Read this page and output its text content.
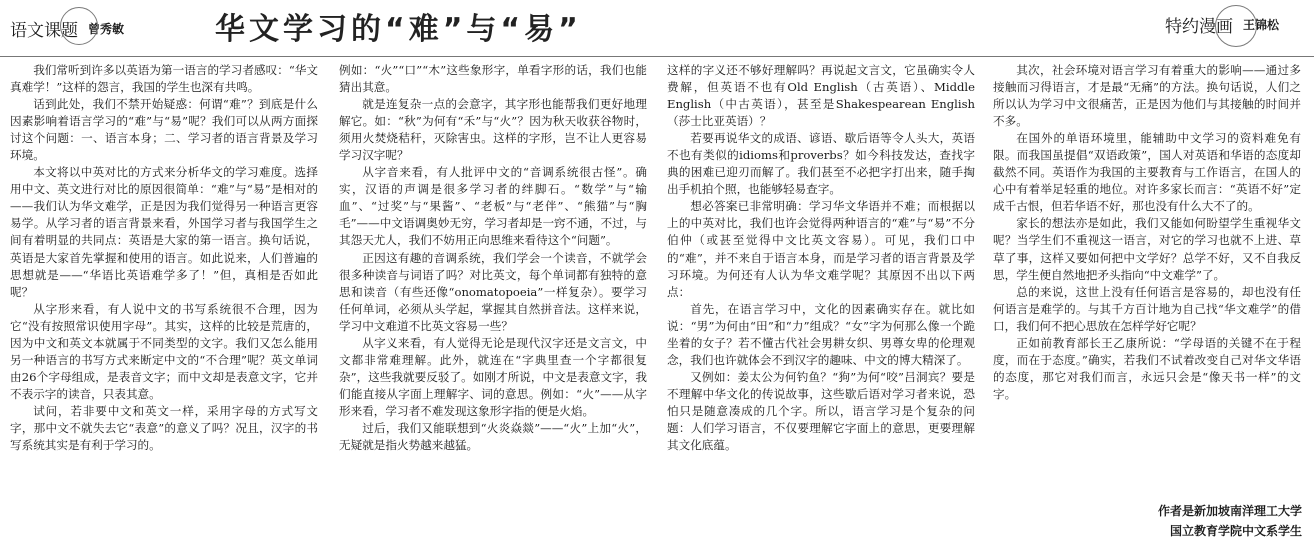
语文课题 曾秀敏	华文学习的“难”与“易”	特约漫画 王锦松

我们常听到许多以英语为第一语言的学习者感叹：“华文真难学！”这样的怨言，我国的学生也深有共鸣。

话到此处，我们不禁开始疑惑：何谓“难”？到底是什么因素影响着语言学习的“难”与“易”呢？我们可以从两方面探讨这个问题：一、语言本身；二、学习者的语言背景及学习环境。

本文将以中英对比的方式来分析华文的学习难度。选择用中文、英文进行对比的原因很简单：“难”与“易”是相对的——我们认为华文难学，正是因为我们觉得另一种语言更容易学。从学习者的语言背景来看，外国学习者与我国学生之间有着明显的共同点：英语是大家的第一语言。换句话说，英语是大家首先掌握和使用的语言。如此说来，人们普遍的思想就是——“华语比英语难学多了！”但，真相是否如此呢？

从字形来看，有人说中文的书写系统很不合理，因为它“没有按照常识使用字母”。其实，这样的比较是荒唐的，因为中文和英文本就属于不同类型的文字。我们又怎么能用另一种语言的书写方式来断定中文的“不合理”呢？英文单词由26个字母组成，是表音文字；而中文却是表意文字，它并不表示字的读音，只表其意。

试问，若非要中文和英文一样，采用字母的方式写文字，那中文不就失去它“表意”的意义了吗？况且，汉字的书写系统其实是有利于学习的。

例如：“火”“口”“木”这些象形字，单看字形的话，我们也能猜出其意。

就是连复杂一点的会意字，其字形也能帮我们更好地理解它。如：“秋”为何有“禾”与“火”？因为秋天收获谷物时，须用火焚烧秸秆，灭除害虫。这样的字形，岂不让人更容易学习汉字呢？

从字音来看，有人批评中文的“音调系统很古怪”。确实，汉语的声调是很多学习者的绊脚石。“数学”与“输血”、“过奖”与“果酱”、“老板”与“老伴”、“熊猫”与“胸毛”——中文语调奥妙无穷，学习者却是一窍不通，不过，与其怨天尤人，我们不妨用正向思维来看待这个“问题”。

正因这有趣的音调系统，我们学会一个读音，不就学会很多种读音与词语了吗？对比英文，每个单词都有独特的意思和读音（有些还像“onomatopoeia”一样复杂）。要学习任何单词，必须从头学起，掌握其自然拼音法。这样来说，学习中文难道不比英文容易一些？

从字义来看，有人觉得无论是现代汉字还是文言文，中文都非常难理解。此外，就连在“字典里查一个字都很复杂”，这些我就要反驳了。如刚才所说，中文是表意文字，我们能直接从字面上理解字、词的意思。例如：“火”——从字形来看，学习者不难发现这象形字指的便是火焰。

过后，我们又能联想到“火炎焱燚”——“火”上加“火”，无疑就是指火势越来越猛。

这样的字义还不够好理解吗？再说起文言文，它虽确实令人费解，但英语不也有Old English（古英语）、Middle English（中古英语），甚至是Shakespearean English（莎士比亚英语）？

若要再说华文的成语、谚语、歇后语等令人头大，英语不也有类似的idioms和proverbs？如今科技发达，查找字典的困难已迎刃而解了。我们甚至不必把字打出来，随手掏出手机拍个照，也能够轻易查字。

想必答案已非常明确：学习华文华语并不难；而根据以上的中英对比，我们也许会觉得两种语言的“难”与“易”不分伯仲（或甚至觉得中文比英文容易）。可见，我们口中的“难”，并不来自于语言本身，而是学习者的语言背景及学习环境。为何还有人认为华文难学呢？其原因不出以下两点：

首先，在语言学习中，文化的因素确实存在。就比如说：“男”为何由“田”和“力”组成？“女”字为何那么像一个跪坐着的女子？若不懂古代社会男耕女织、男尊女卑的伦理观念，我们也许就体会不到汉字的趣味、中文的博大精深了。

又例如：姜太公为何钓鱼？“狗”为何“咬”吕洞宾？要是不理解中华文化的传说故事，这些歇后语对学习者来说，恐怕只是随意凑成的几个字。所以，语言学习是个复杂的问题：人们学习语言，不仅要理解它字面上的意思，更要理解其文化底蕴。

其次，社会环境对语言学习有着重大的影响——通过多接触而习得语言，才是最“无痛”的方法。换句话说，人们之所以认为学习中文很痛苦，正是因为他们与其接触的时间并不多。

在国外的单语环境里，能辅助中文学习的资料难免有限。而我国虽提倡“双语政策”，国人对英语和华语的态度却截然不同。英语作为我国的主要教育与工作语言，在国人的心中有着举足轻重的地位。对许多家长而言：“英语不好”定成千古恨，但若华语不好，那也没有什么大不了的。

家长的想法亦是如此，我们又能如何盼望学生重视华文呢？当学生们不重视这一语言，对它的学习也就不上进、草草了事，这样又要如何把中文学好？总学不好，又不自我反思，学生便自然地把矛头指向“中文难学”了。

总的来说，这世上没有任何语言是容易的，却也没有任何语言是难学的。与其千方百计地为自己找“华文难学”的借口，我们何不把心思放在怎样学好它呢？

正如前教育部长王乙康所说：“学母语的关键不在于程度，而在于态度。”确实，若我们不试着改变自己对华文华语的态度，那它对我们而言，永远只会是“像天书一样”的文字。

作者是新加坡南洋理工大学
国立教育学院中文系学生
